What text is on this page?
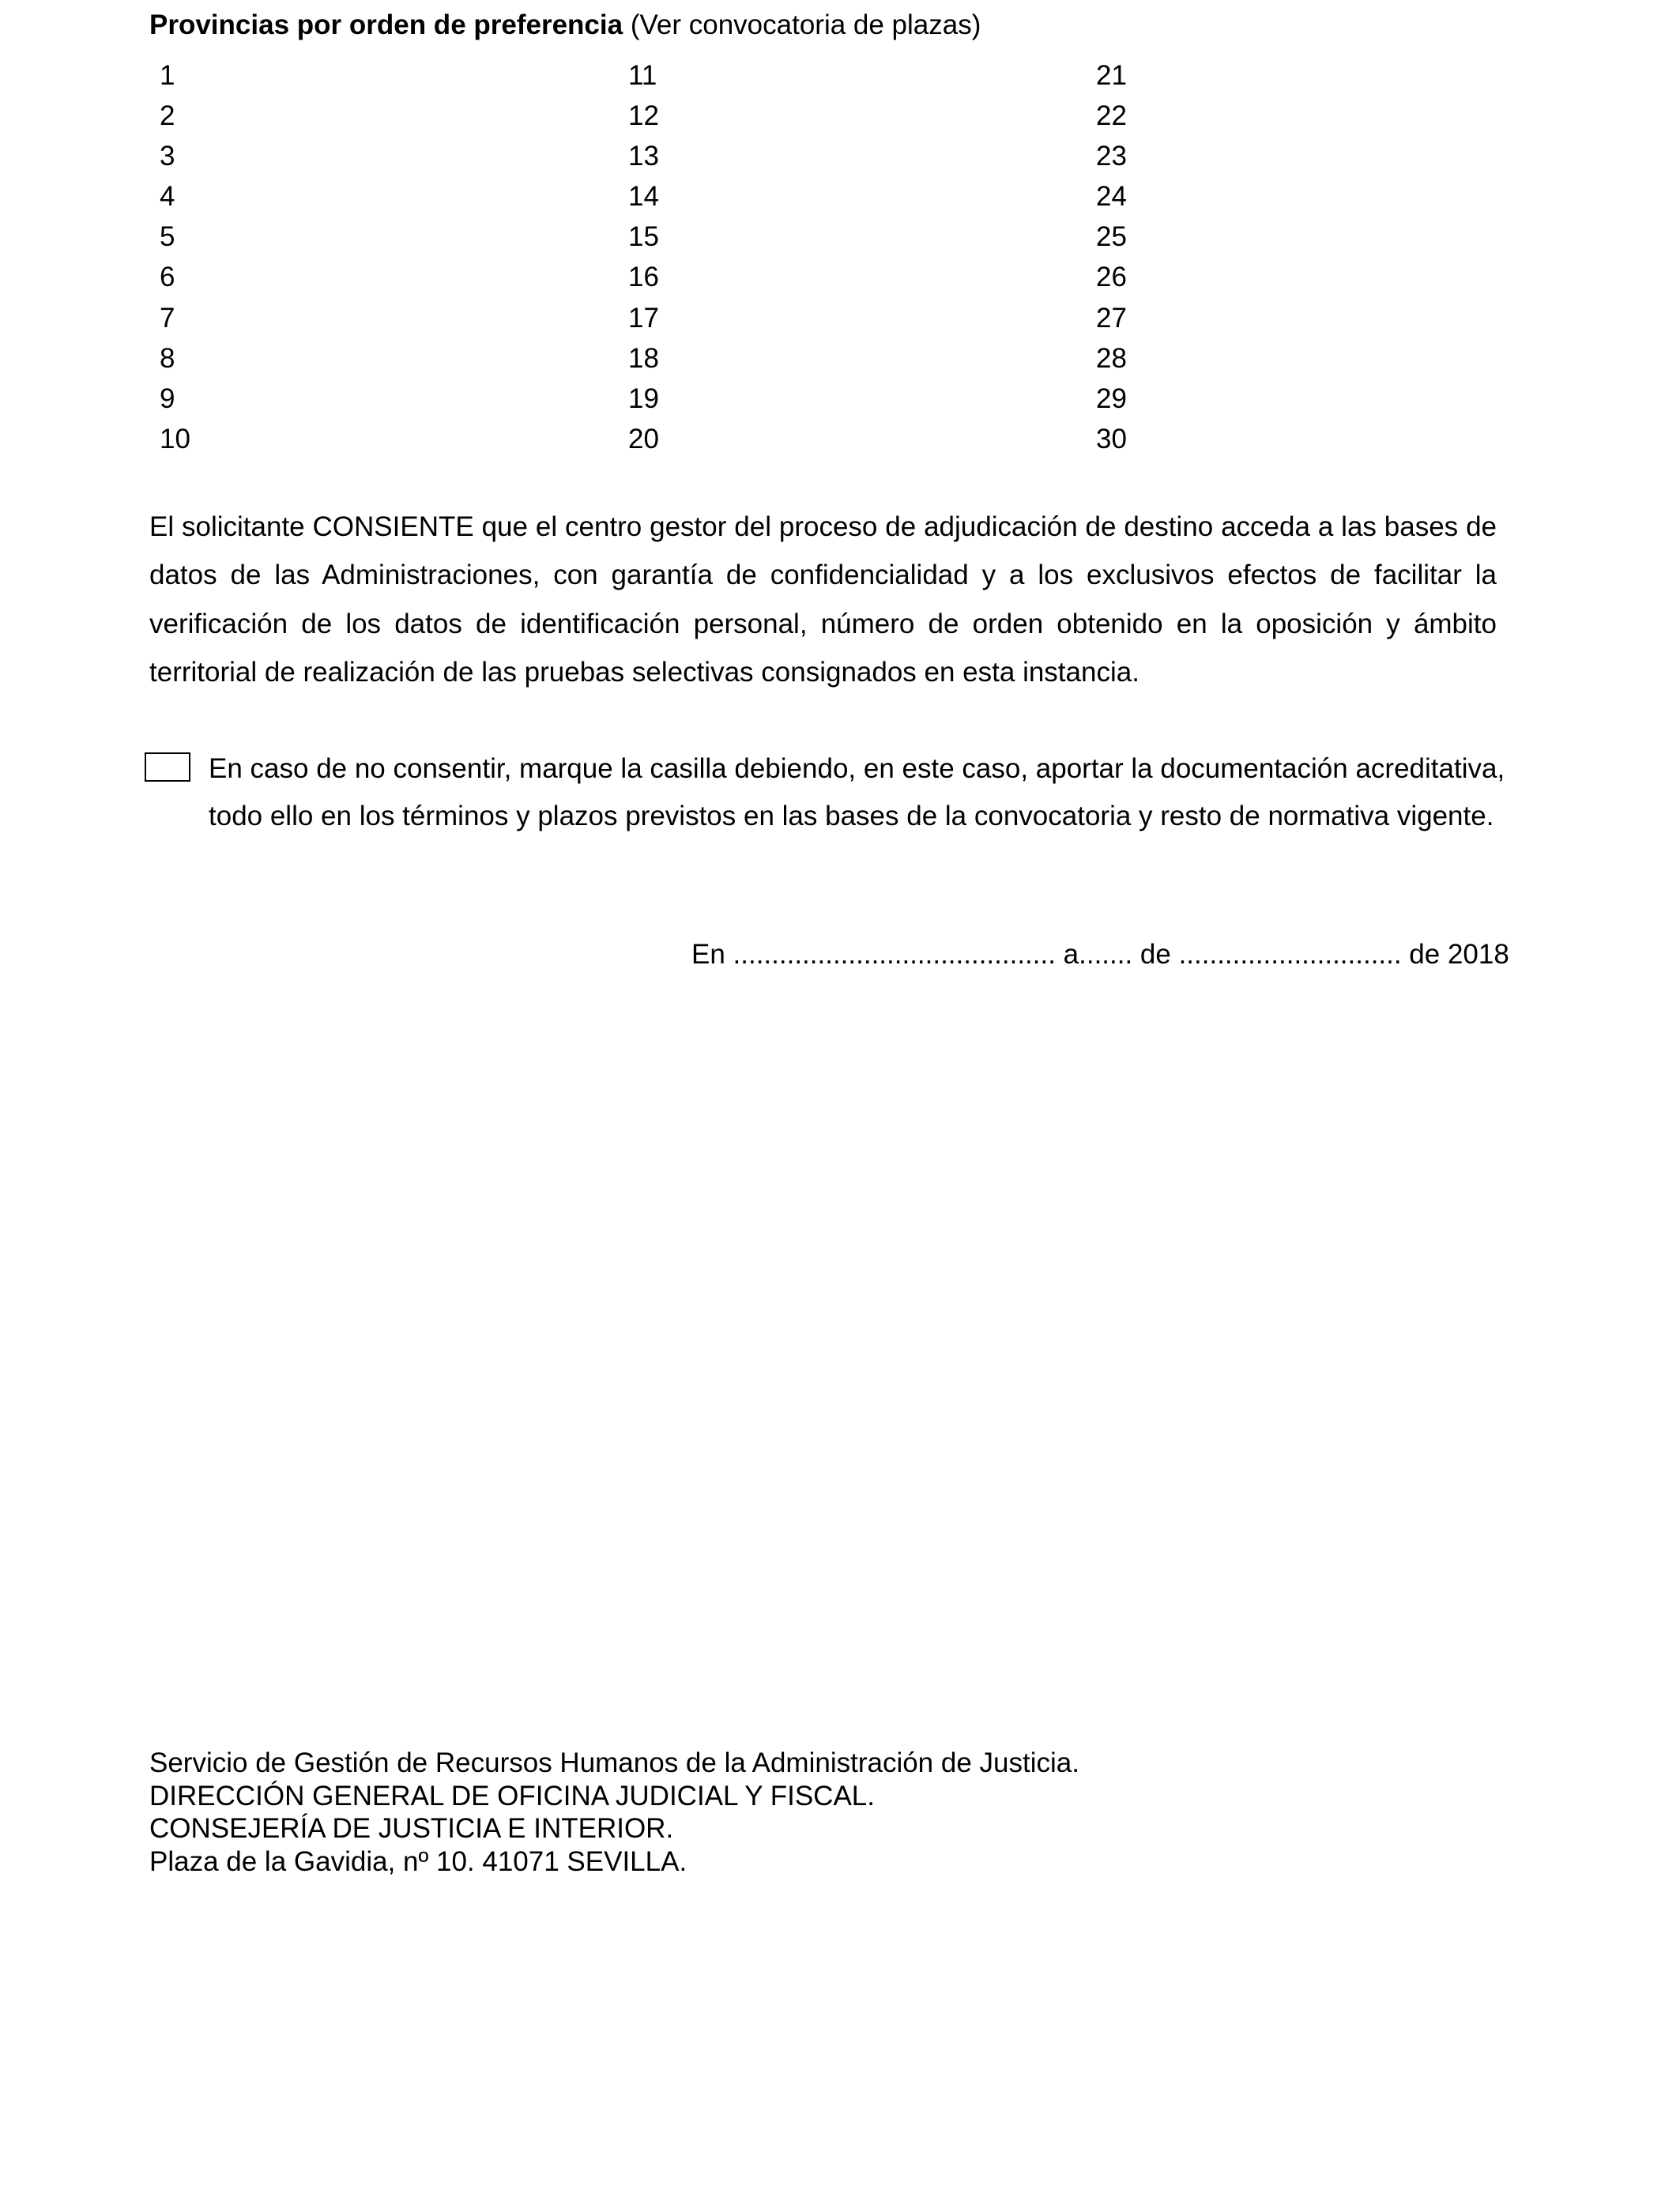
Provincias por orden de preferencia (Ver convocatoria de plazas)
1
2
3
4
5
6
7
8
9
10
11
12
13
14
15
16
17
18
19
20
21
22
23
24
25
26
27
28
29
30

El solicitante CONSIENTE que el centro gestor del proceso de adjudicación de destino acceda a las bases de datos de las Administraciones, con garantía de confidencialidad y a los exclusivos efectos de facilitar la verificación de los datos de identificación personal, número de orden obtenido en la oposición y ámbito territorial de realización de las pruebas selectivas consignados en esta instancia.

En caso de no consentir, marque la casilla debiendo, en este caso, aportar la documentación acreditativa,
todo ello en los términos y plazos previstos en las bases de la convocatoria y resto de normativa vigente.
En .......................................... a....... de ............................. de 2018
Servicio de Gestión de Recursos Humanos de la Administración de Justicia.
DIRECCIÓN GENERAL DE OFICINA JUDICIAL Y FISCAL.
CONSEJERÍA DE JUSTICIA E INTERIOR.
Plaza de la Gavidia, nº 10. 41071 SEVILLA.
